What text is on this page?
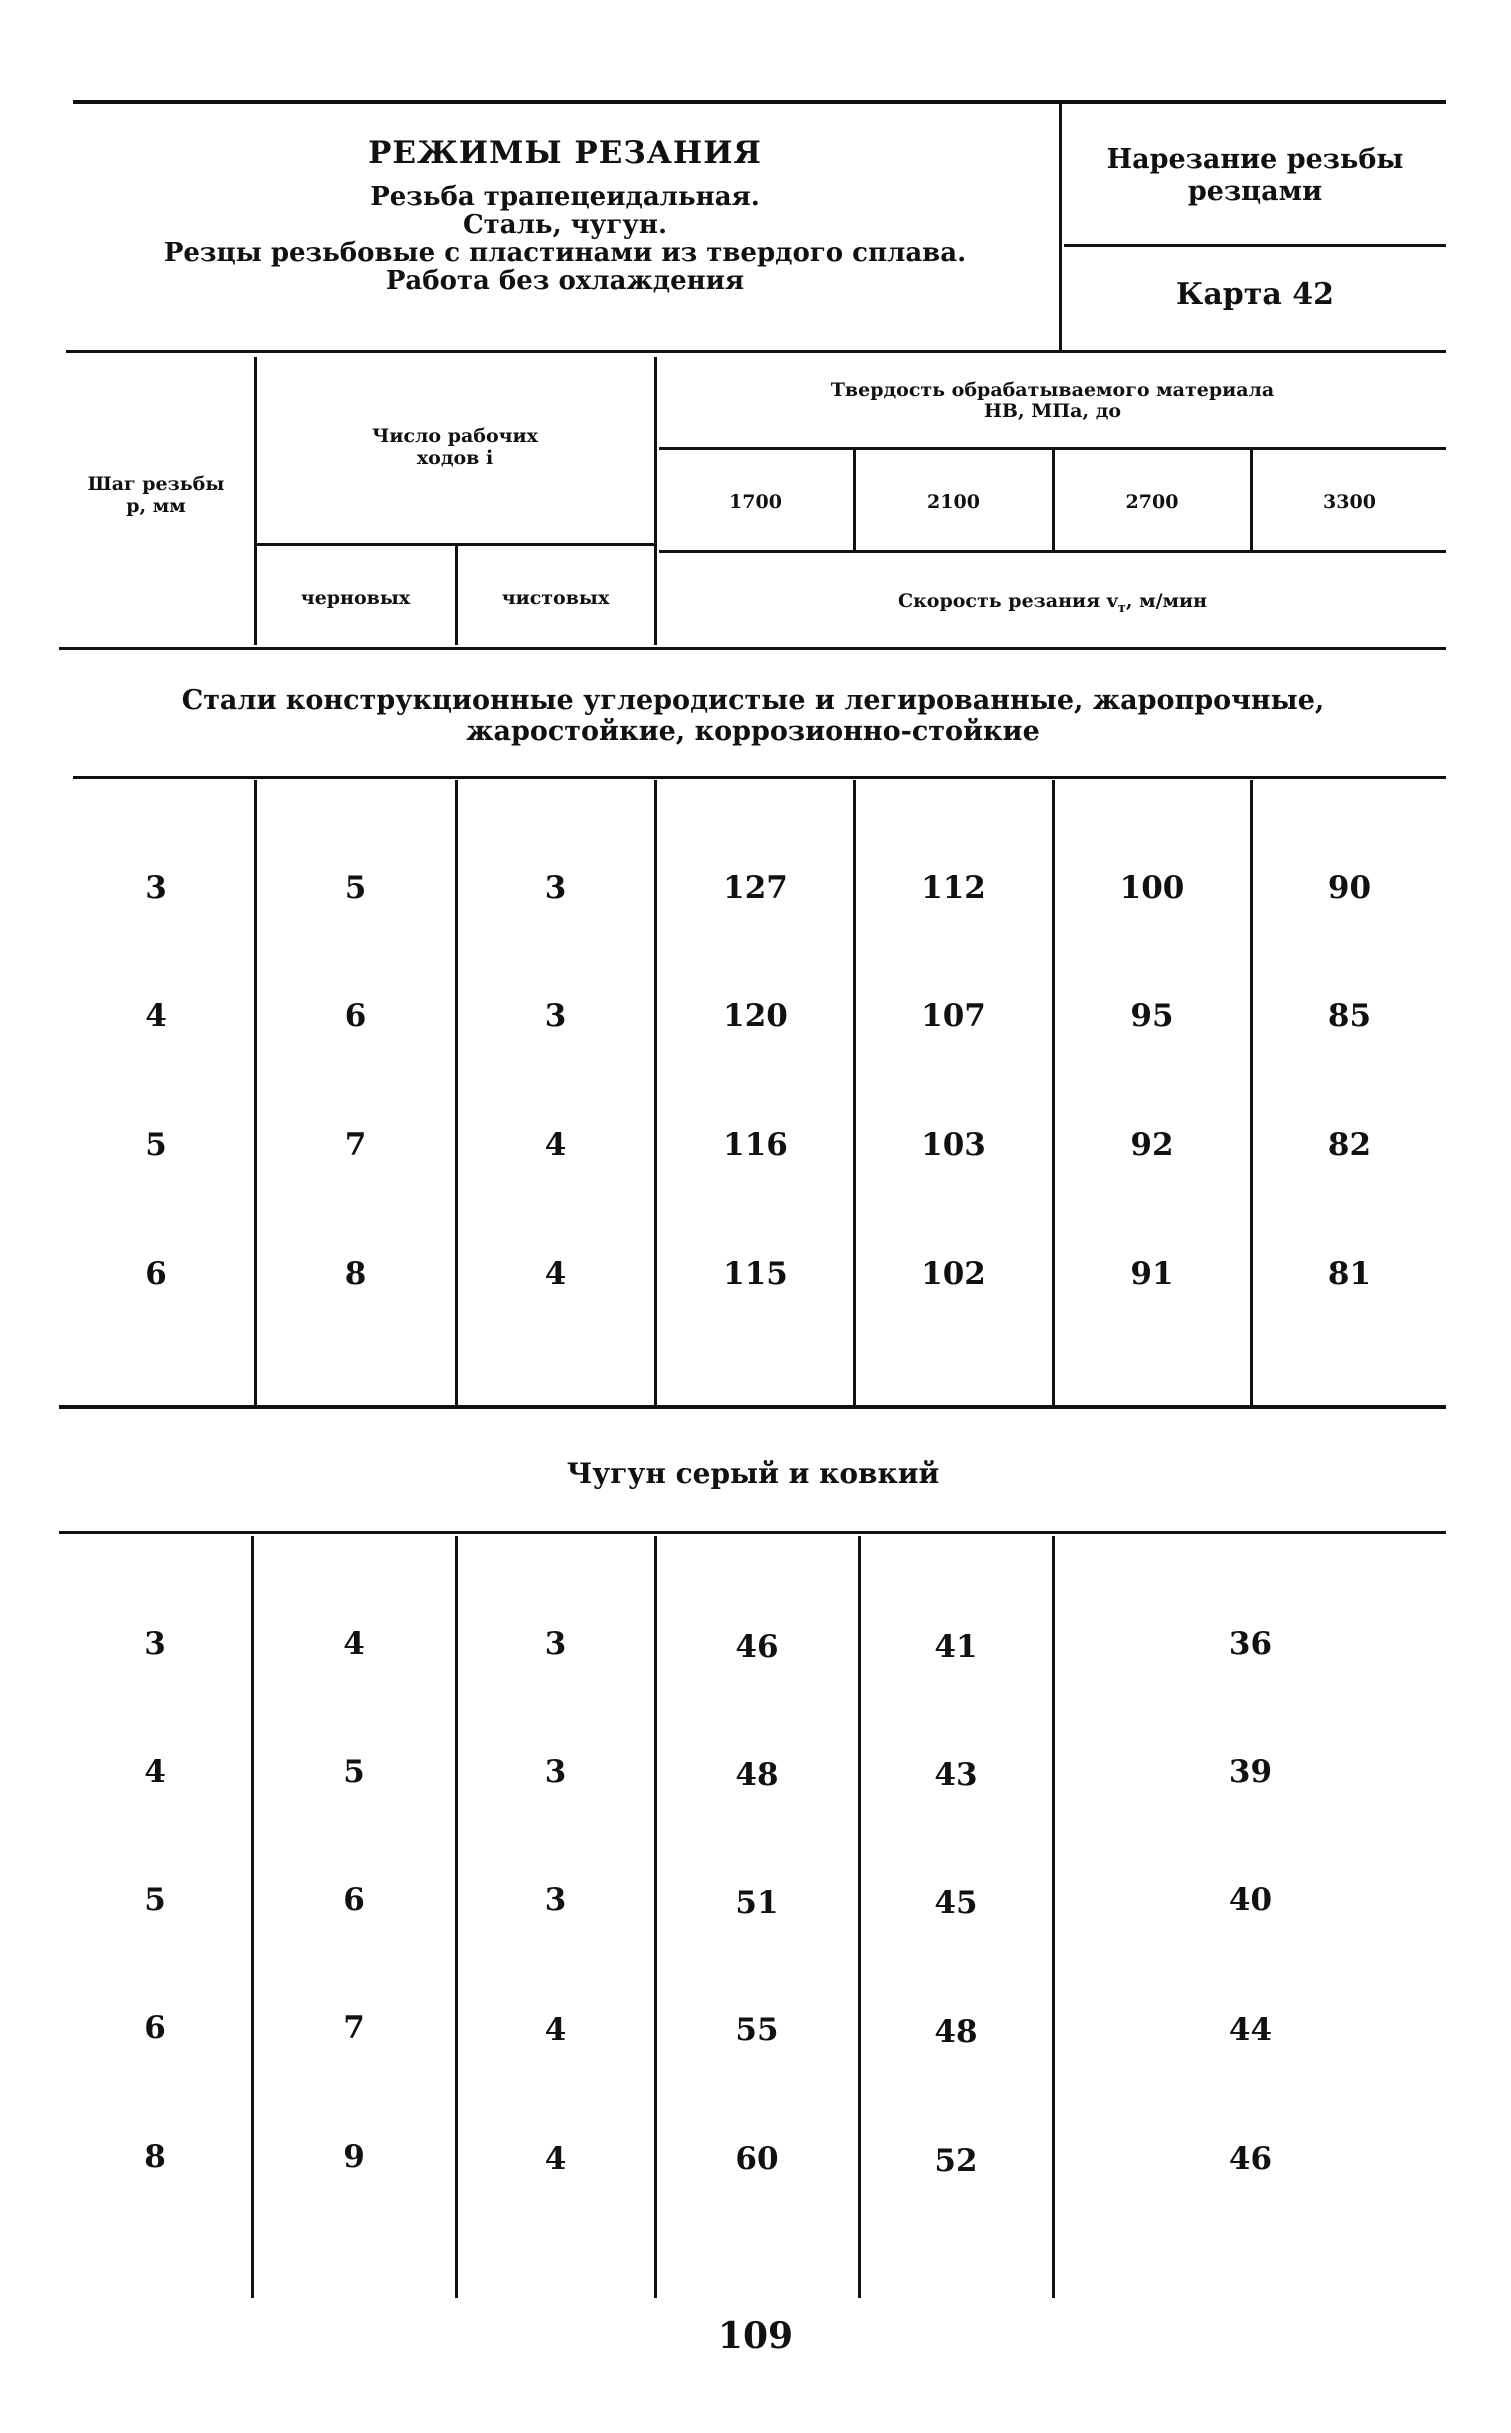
РЕЖИМЫ РЕЗАНИЯ
Резьба трапецеидальная.
Сталь, чугун.
Резцы резьбовые с пластинами из твердого сплава.
Работа без охлаждения
Нарезание резьбы
резцами
Карта 42
Шаг резьбы
p, мм
Число рабочих
ходов i
черновых	чистовых
Твердость обрабатываемого материала
HB, МПа, до
1700	2100	2700	3300
Скорость резания $v_т$, м/мин
Стали конструкционные углеродистые и легированные, жаропрочные,
жаростойкие, коррозионно-стойкие
3	5	3	127	112	100	90
4	6	3	120	107	95	85
5	7	4	116	103	92	82
6	8	4	115	102	91	81
Чугун серый и ковкий
3	4	3	46	41	36
4	5	3	48	43	39
5	6	3	51	45	40
6	7	4	55	48	44
8	9	4	60	52	46
109
